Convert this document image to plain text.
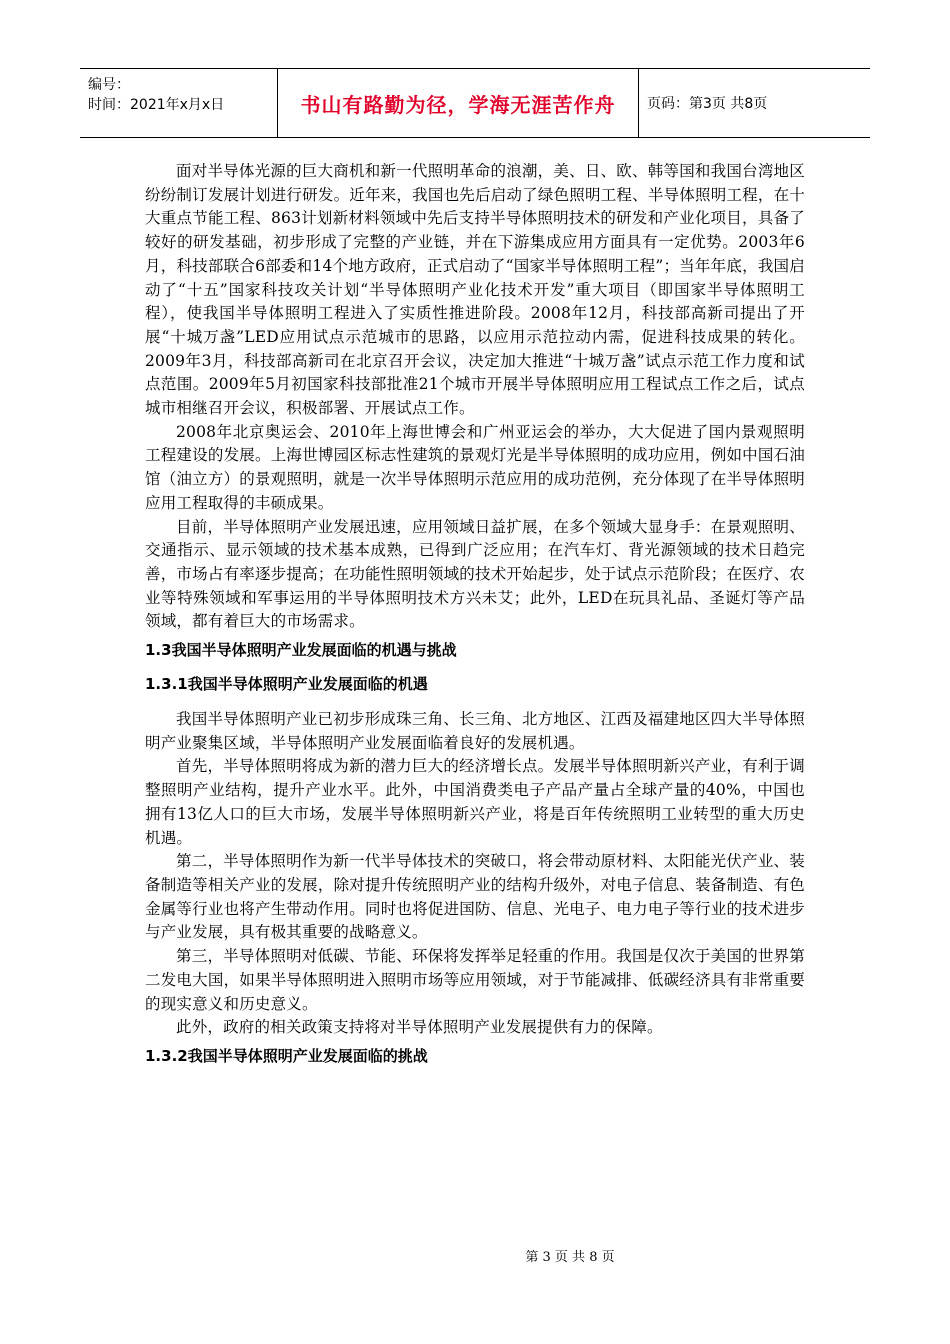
编号：
时间：2021年x月x日	书山有路勤为径，学海无涯苦作舟	页码：第3页 共8页

面对半导体光源的巨大商机和新一代照明革命的浪潮，美、日、欧、韩等国和我国台湾地区纷纷制订发展计划进行研发。近年来，我国也先后启动了绿色照明工程、半导体照明工程，在十大重点节能工程、863计划新材料领域中先后支持半导体照明技术的研发和产业化项目，具备了较好的研发基础，初步形成了完整的产业链，并在下游集成应用方面具有一定优势。2003年6月，科技部联合6部委和14个地方政府，正式启动了“国家半导体照明工程”；当年年底，我国启动了“十五”国家科技攻关计划“半导体照明产业化技术开发”重大项目（即国家半导体照明工程），使我国半导体照明工程进入了实质性推进阶段。2008年12月，科技部高新司提出了开展“十城万盏”LED应用试点示范城市的思路，以应用示范拉动内需，促进科技成果的转化。2009年3月，科技部高新司在北京召开会议，决定加大推进“十城万盏”试点示范工作力度和试点范围。2009年5月初国家科技部批准21个城市开展半导体照明应用工程试点工作之后，试点城市相继召开会议，积极部署、开展试点工作。

2008年北京奥运会、2010年上海世博会和广州亚运会的举办，大大促进了国内景观照明工程建设的发展。上海世博园区标志性建筑的景观灯光是半导体照明的成功应用，例如中国石油馆（油立方）的景观照明，就是一次半导体照明示范应用的成功范例，充分体现了在半导体照明应用工程取得的丰硕成果。

目前，半导体照明产业发展迅速，应用领域日益扩展，在多个领域大显身手：在景观照明、交通指示、显示领域的技术基本成熟，已得到广泛应用；在汽车灯、背光源领域的技术日趋完善，市场占有率逐步提高；在功能性照明领域的技术开始起步，处于试点示范阶段；在医疗、农业等特殊领域和军事运用的半导体照明技术方兴未艾；此外，LED在玩具礼品、圣诞灯等产品领域，都有着巨大的市场需求。

1.3我国半导体照明产业发展面临的机遇与挑战

1.3.1我国半导体照明产业发展面临的机遇

我国半导体照明产业已初步形成珠三角、长三角、北方地区、江西及福建地区四大半导体照明产业聚集区域，半导体照明产业发展面临着良好的发展机遇。

首先，半导体照明将成为新的潜力巨大的经济增长点。发展半导体照明新兴产业，有利于调整照明产业结构，提升产业水平。此外，中国消费类电子产品产量占全球产量的40%，中国也拥有13亿人口的巨大市场，发展半导体照明新兴产业，将是百年传统照明工业转型的重大历史机遇。

第二，半导体照明作为新一代半导体技术的突破口，将会带动原材料、太阳能光伏产业、装备制造等相关产业的发展，除对提升传统照明产业的结构升级外，对电子信息、装备制造、有色金属等行业也将产生带动作用。同时也将促进国防、信息、光电子、电力电子等行业的技术进步与产业发展，具有极其重要的战略意义。

第三，半导体照明对低碳、节能、环保将发挥举足轻重的作用。我国是仅次于美国的世界第二发电大国，如果半导体照明进入照明市场等应用领域，对于节能减排、低碳经济具有非常重要的现实意义和历史意义。

此外，政府的相关政策支持将对半导体照明产业发展提供有力的保障。

1.3.2我国半导体照明产业发展面临的挑战

第 3 页 共 8 页
